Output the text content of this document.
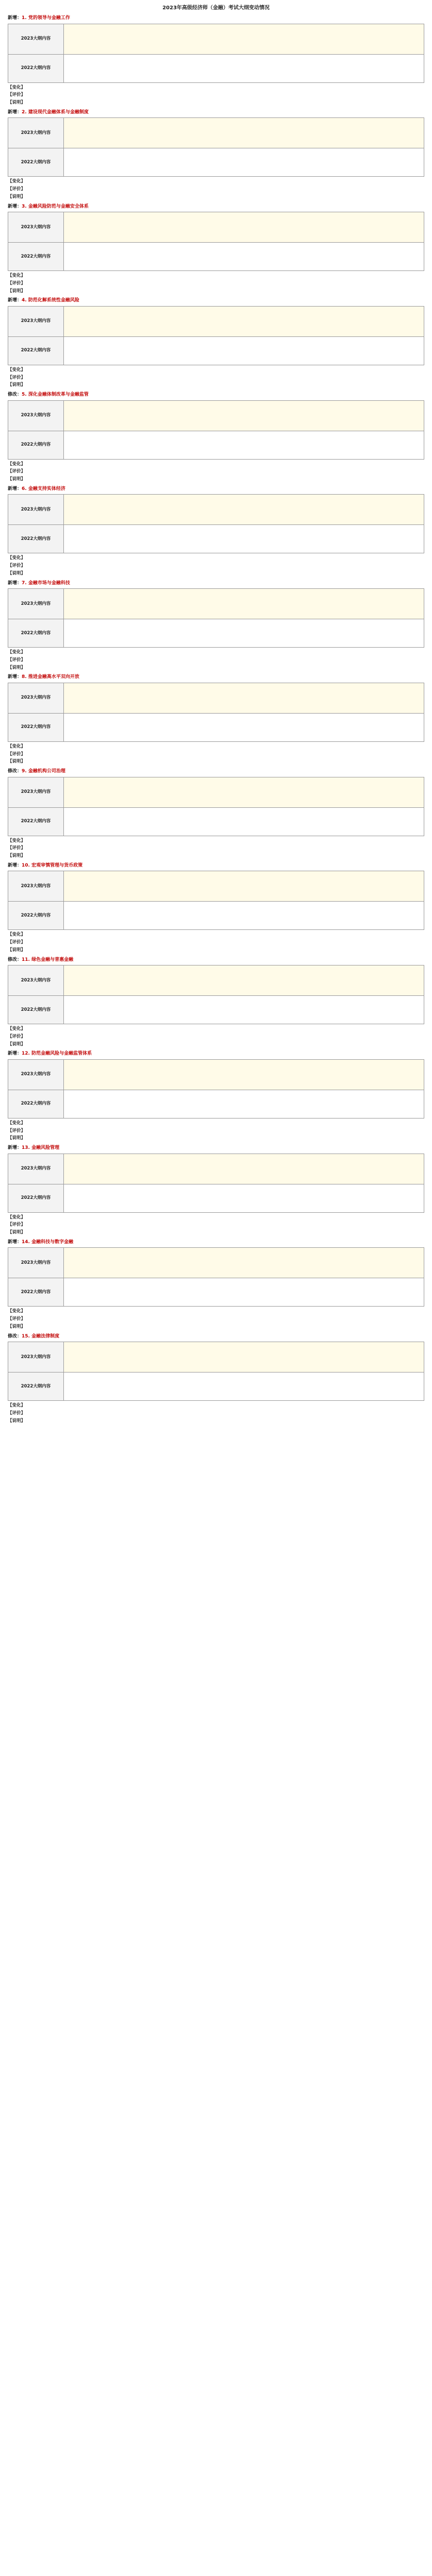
2023年高级经济师（金融）考试大纲变动情况

新增：1. 党的领导与金融工作
2023大纲内容	
2022大纲内容	
【变化】
【评价】
【说明】
新增：2. 建设现代金融体系与金融制度
2023大纲内容	
2022大纲内容	
【变化】
【评价】
【说明】
新增：3. 金融风险防范与金融安全体系
2023大纲内容	
2022大纲内容	
【变化】
【评价】
【说明】
新增：4. 防范化解系统性金融风险
2023大纲内容	
2022大纲内容	
【变化】
【评价】
【说明】
修改：5. 深化金融体制改革与金融监管
2023大纲内容	
2022大纲内容	
【变化】
【评价】
【说明】
新增：6. 金融支持实体经济
2023大纲内容	
2022大纲内容	
【变化】
【评价】
【说明】
新增：7. 金融市场与金融科技
2023大纲内容	
2022大纲内容	
【变化】
【评价】
【说明】
新增：8. 推进金融高水平双向开放
2023大纲内容	
2022大纲内容	
【变化】
【评价】
【说明】
修改：9. 金融机构公司治理
2023大纲内容	
2022大纲内容	
【变化】
【评价】
【说明】
新增：10. 宏观审慎管理与货币政策
2023大纲内容	
2022大纲内容	
【变化】
【评价】
【说明】
修改：11. 绿色金融与普惠金融
2023大纲内容	
2022大纲内容	
【变化】
【评价】
【说明】
新增：12. 防范金融风险与金融监管体系
2023大纲内容	
2022大纲内容	
【变化】
【评价】
【说明】
新增：13. 金融风险管理
2023大纲内容	
2022大纲内容	
【变化】
【评价】
【说明】
新增：14. 金融科技与数字金融
2023大纲内容	
2022大纲内容	
【变化】
【评价】
【说明】
修改：15. 金融法律制度
2023大纲内容	
2022大纲内容	
【变化】
【评价】
【说明】
